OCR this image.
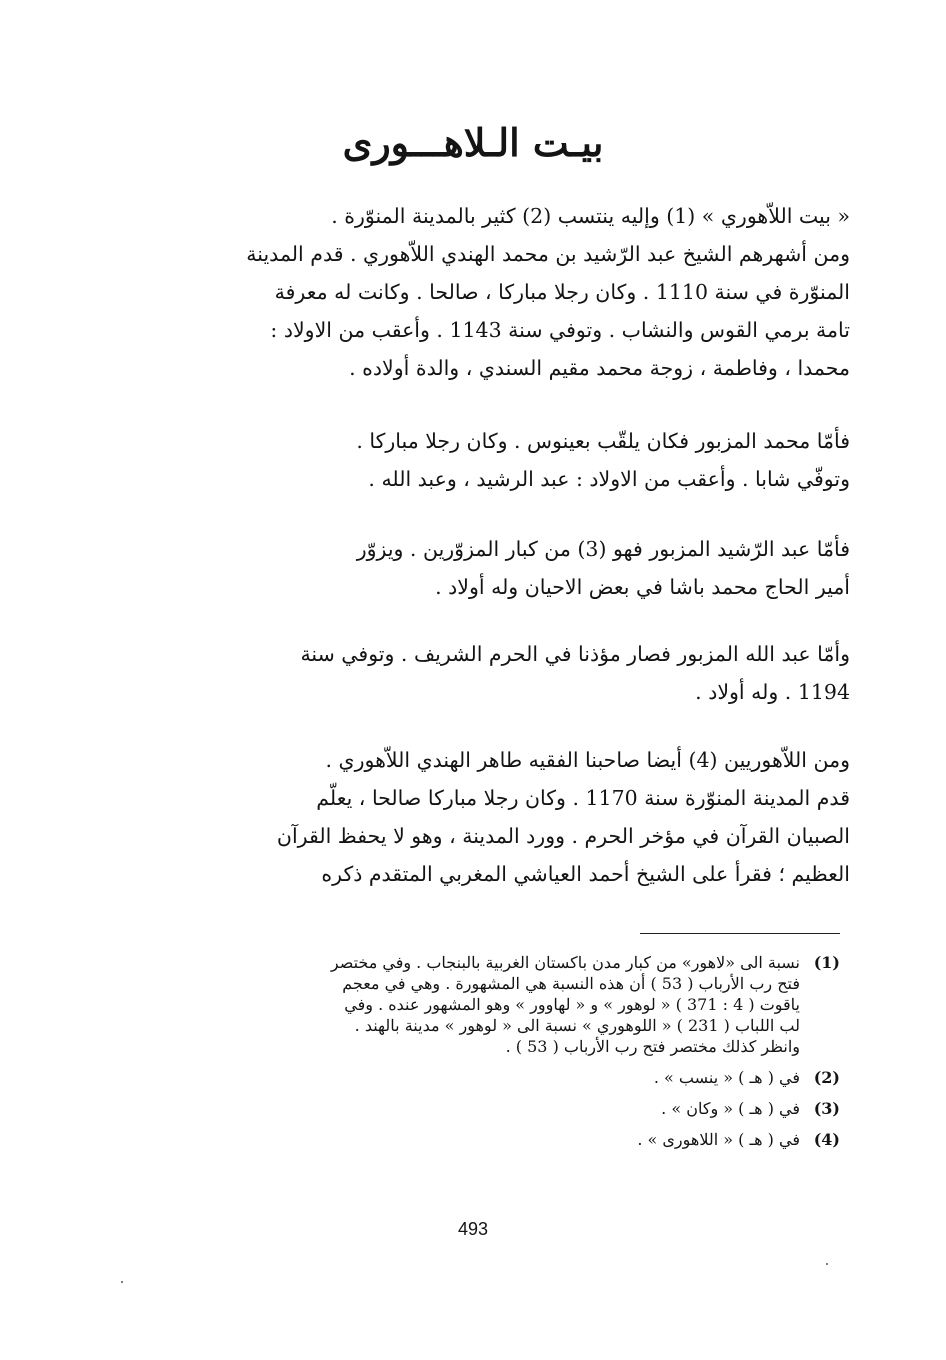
بيـت الـلاهـــورى
« بيت اللاّهوري » (1) وإليه ينتسب (2) كثير بالمدينة المنوّرة .
ومن أشهرهم الشيخ عبد الرّشيد بن محمد الهندي اللاّهوري . قدم المدينة
المنوّرة في سنة 1110 . وكان رجلا مباركا ، صالحا . وكانت له معرفة
تامة برمي القوس والنشاب . وتوفي سنة 1143 . وأعقب من الاولاد :
محمدا ، وفاطمة ، زوجة محمد مقيم السندي ، والدة أولاده .
فأمّا محمد المزبور فكان يلقّب بعينوس . وكان رجلا مباركا .
وتوفّي شابا . وأعقب من الاولاد : عبد الرشيد ، وعبد الله .
فأمّا عبد الرّشيد المزبور فهو (3) من كبار المزوّرين . ويزوّر
أمير الحاج محمد باشا في بعض الاحيان وله أولاد .
وأمّا عبد الله المزبور فصار مؤذنا في الحرم الشريف . وتوفي سنة
1194 . وله أولاد .
ومن اللاّهوريين (4) أيضا صاحبنا الفقيه طاهر الهندي اللاّهوري .
قدم المدينة المنوّرة سنة 1170 . وكان رجلا مباركا صالحا ، يعلّم
الصبيان القرآن في مؤخر الحرم . وورد المدينة ، وهو لا يحفظ القرآن
العظيم ؛ فقرأ على الشيخ أحمد العياشي المغربي المتقدم ذكره
(1)
نسبة الى «لاهور» من كبار مدن باكستان الغربية بالبنجاب . وفي مختصر
فتح رب الأرباب ( 53 ) أن هذه النسبة هي المشهورة . وهي في معجم
ياقوت ( 4 : 371 ) « لوهور » و « لهاوور » وهو المشهور عنده . وفي
لب اللباب ( 231 ) « اللوهوري » نسبة الى « لوهور » مدينة بالهند .
وانظر كذلك مختصر فتح رب الأرباب ( 53 ) .
(2)
في ( هـ ) « ينسب » .
(3)
في ( هـ ) « وكان » .
(4)
في ( هـ ) « اللاهورى » .
493
